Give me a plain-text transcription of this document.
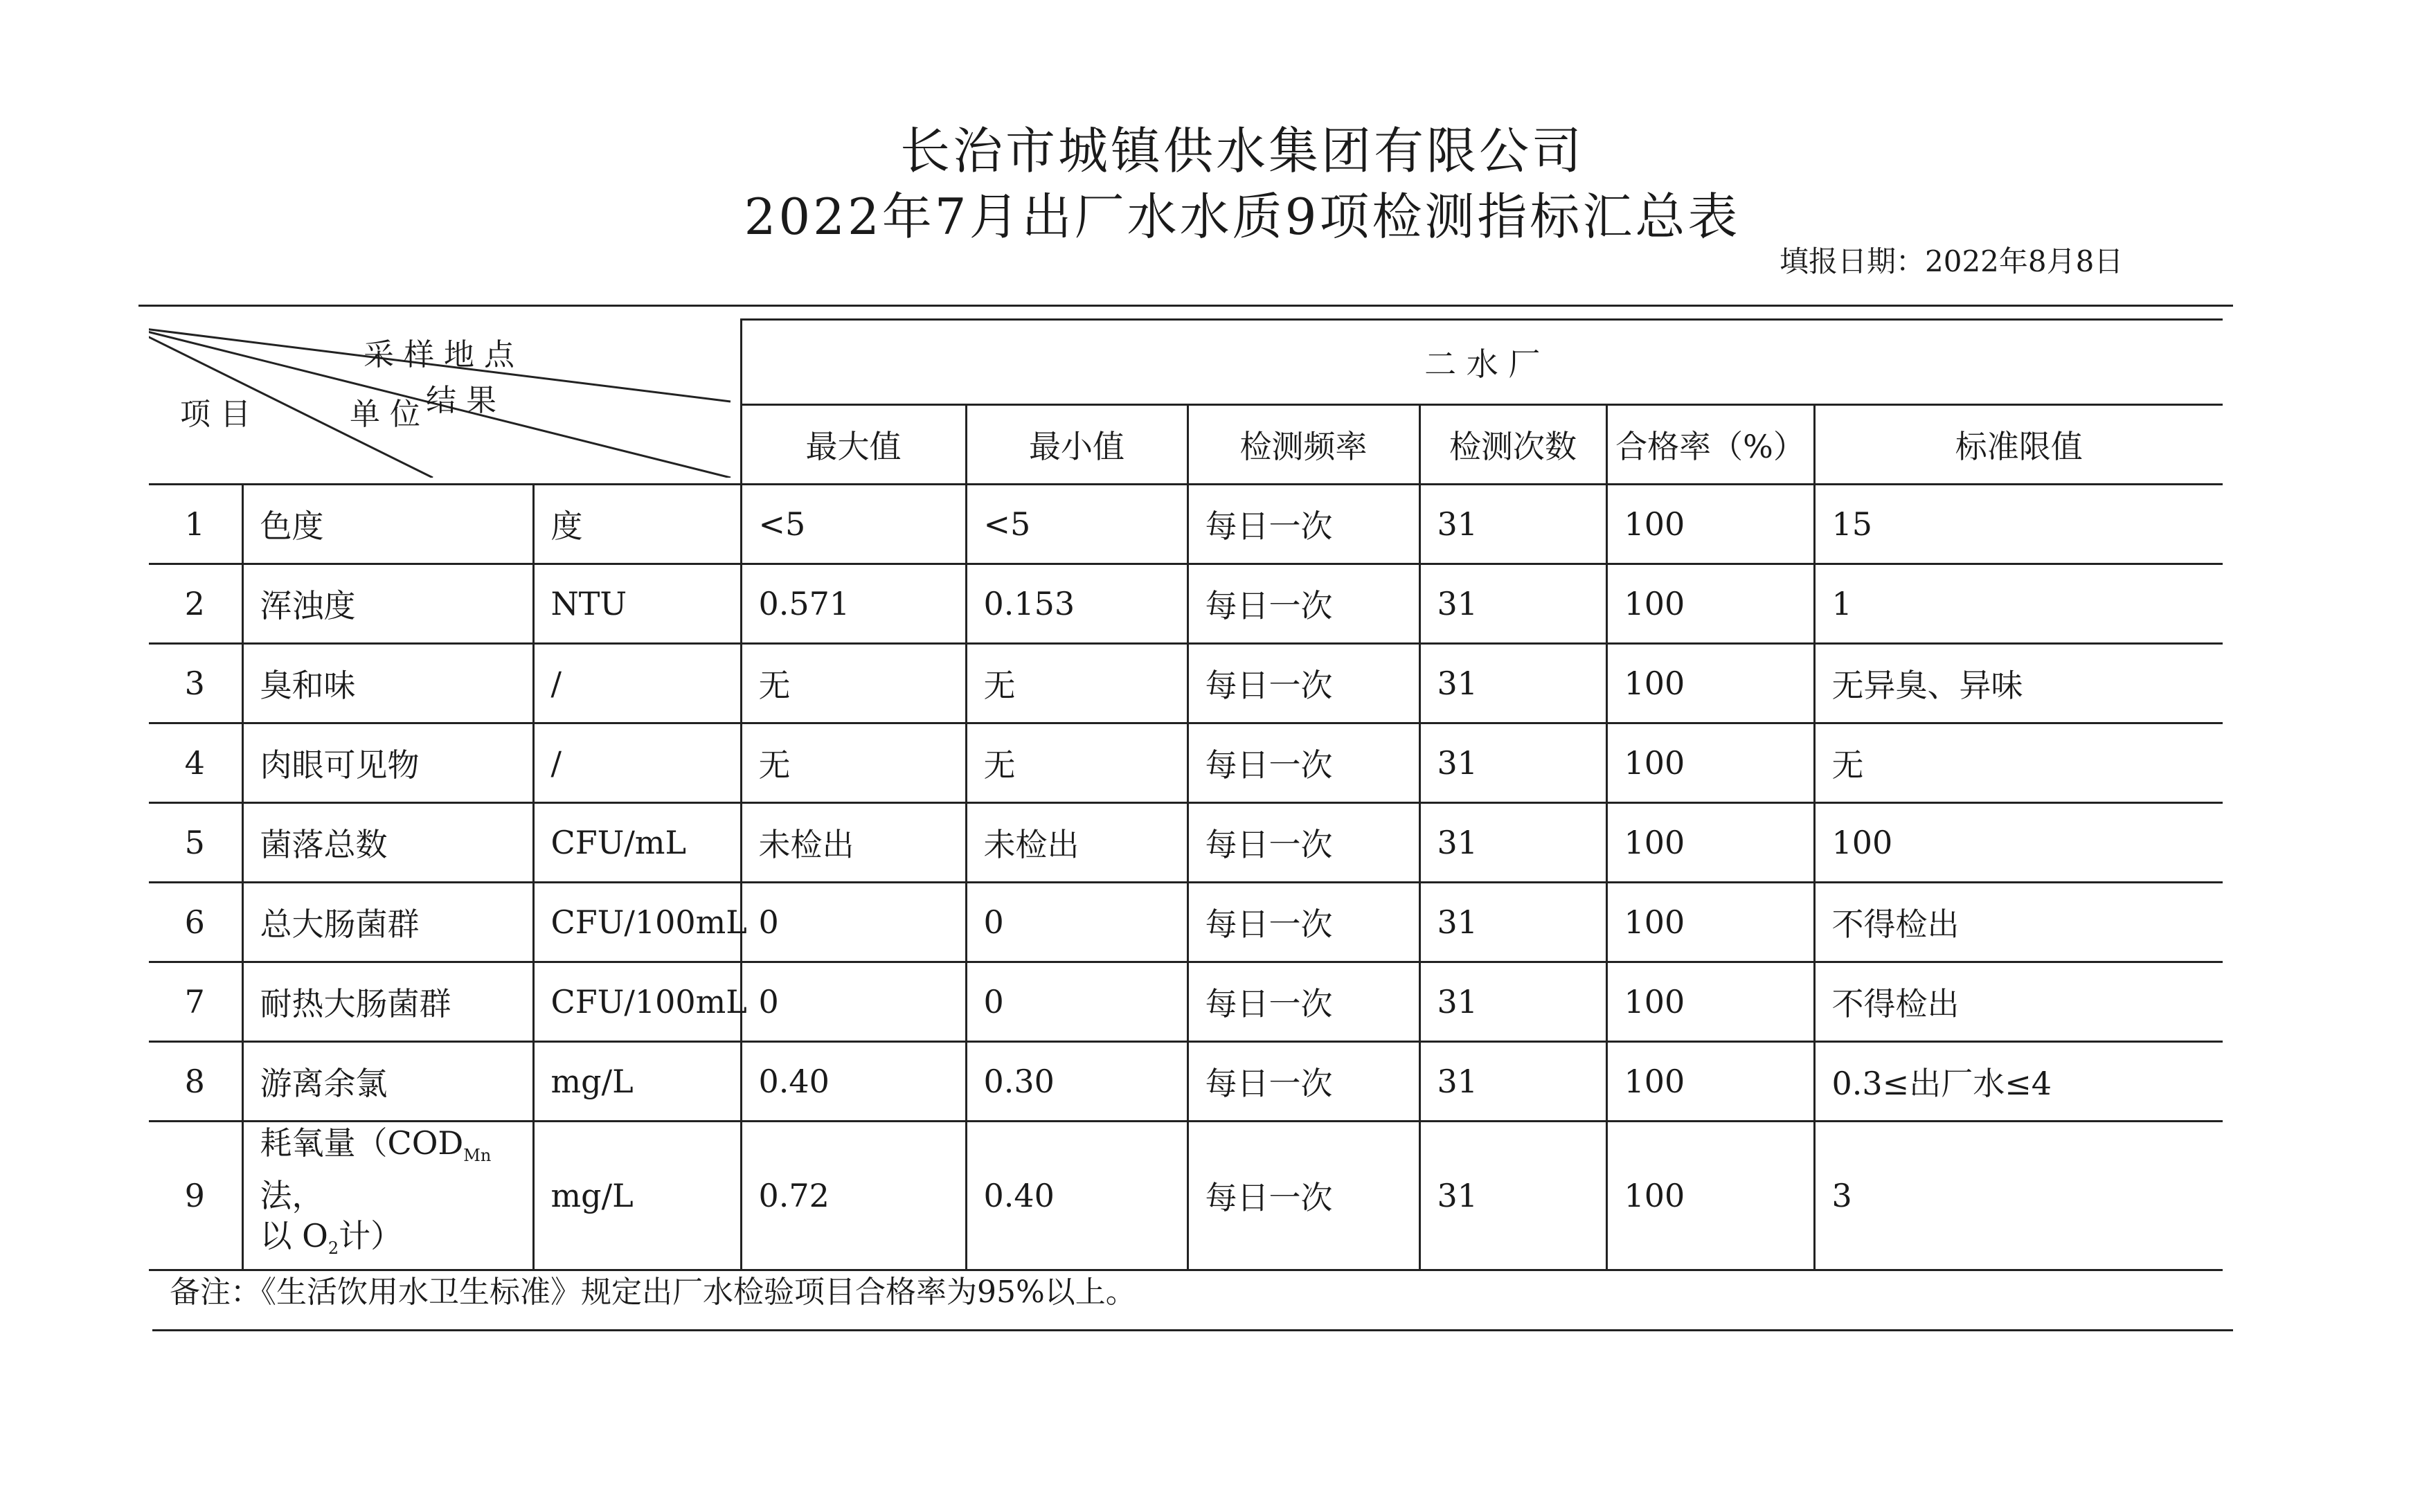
长治市城镇供水集团有限公司
2022年7月出厂水水质9项检测指标汇总表
填报日期：2022年8月8日
采 样 地 点
结 果
单 位
项 目			二 水 厂					
			最大值	最小值	检测频率	检测次数	合格率（%）	标准限值
1	色度	度	<5	<5	每日一次	31	100	15
2	浑浊度	NTU	0.571	0.153	每日一次	31	100	1
3	臭和味	/	无	无	每日一次	31	100	无异臭、异味
4	肉眼可见物	/	无	无	每日一次	31	100	无
5	菌落总数	CFU/mL	未检出	未检出	每日一次	31	100	100
6	总大肠菌群	CFU/100mL	0	0	每日一次	31	100	不得检出
7	耐热大肠菌群	CFU/100mL	0	0	每日一次	31	100	不得检出
8	游离余氯	mg/L	0.40	0.30	每日一次	31	100	0.3≤出厂水≤4
9	耗氧量（$COD_{Mn}$法，
以 $O_2$计）	mg/L	0.72	0.40	每日一次	31	100	3
备注：《生活饮用水卫生标准》规定出厂水检验项目合格率为95%以上。
